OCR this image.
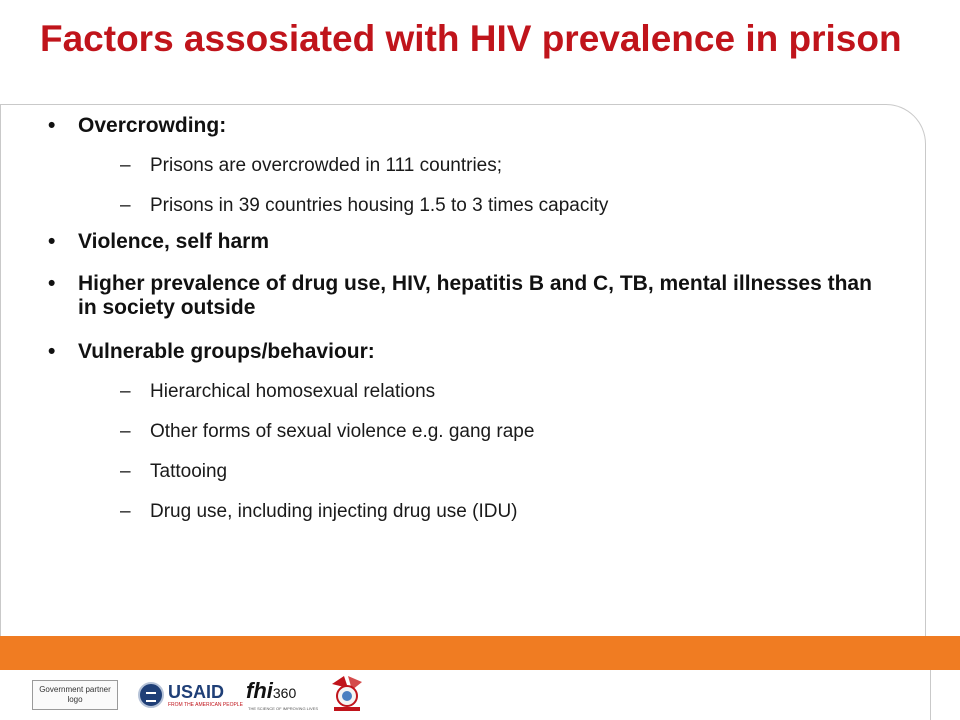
Factors assosiated with HIV prevalence in prison
• Overcrowding:
– Prisons are overcrowded in 111 countries;
– Prisons in 39 countries housing 1.5 to 3 times capacity
• Violence, self harm
• Higher prevalence of drug use, HIV, hepatitis B and C, TB, mental illnesses than in society outside
• Vulnerable groups/behaviour:
– Hierarchical homosexual relations
– Other forms of sexual violence e.g. gang rape
– Tattooing
– Drug use, including injecting drug use (IDU)
Government partner logo	USAID
FROM THE AMERICAN PEOPLE
fhi360
THE SCIENCE OF IMPROVING LIVES
